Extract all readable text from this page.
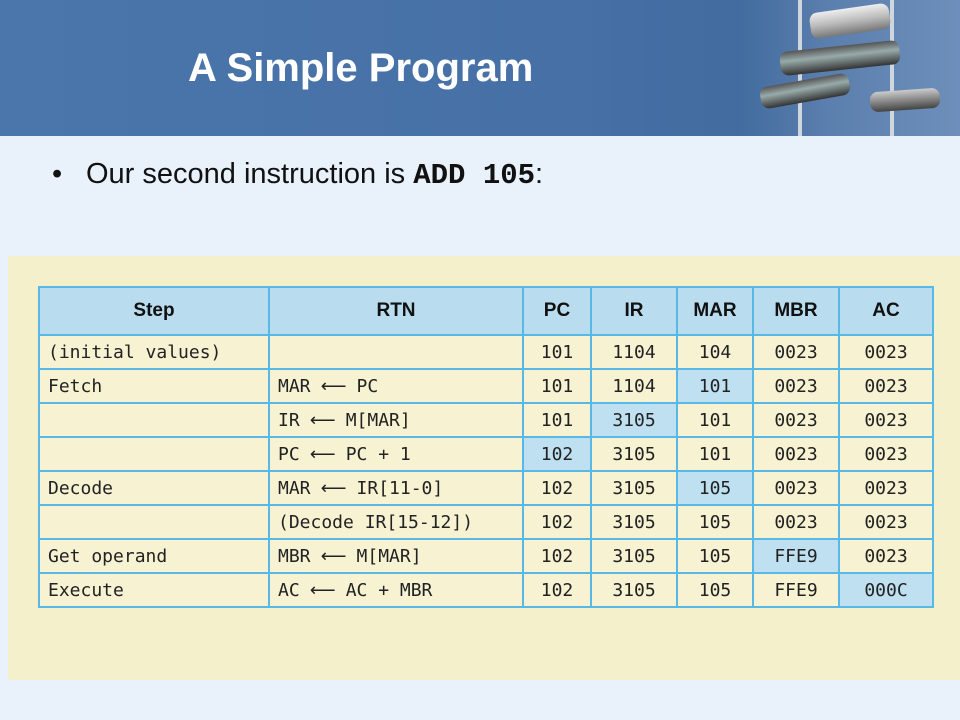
A Simple Program
• Our second instruction is ADD 105:
Step	RTN	PC	IR	MAR	MBR	AC
(initial values)		101	1104	104	0023	0023
Fetch	MAR ⟵ PC	101	1104	101	0023	0023
	IR ⟵ M[MAR]	101	3105	101	0023	0023
	PC ⟵ PC + 1	102	3105	101	0023	0023
Decode	MAR ⟵ IR[11-0]	102	3105	105	0023	0023
	(Decode IR[15-12])	102	3105	105	0023	0023
Get operand	MBR ⟵ M[MAR]	102	3105	105	FFE9	0023
Execute	AC ⟵ AC + MBR	102	3105	105	FFE9	000C
